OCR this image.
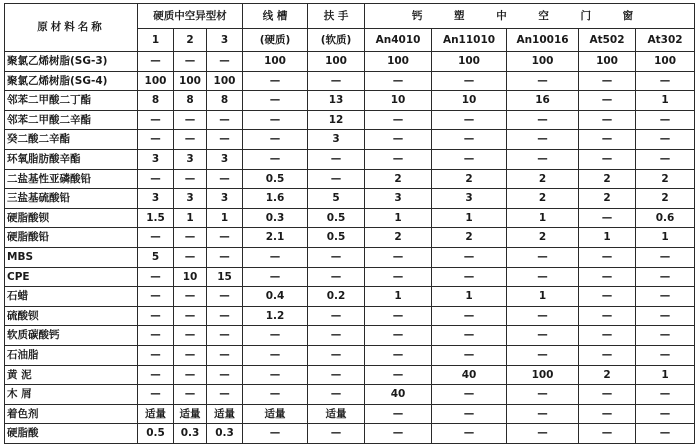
原材料名称	硬质中空异型材			线 槽	扶 手	钙 塑 中 空 门 窗				
	1	2	3	(硬质)	(软质)	An4010	An11010	An10016	At502	At302
聚氯乙烯树脂(SG-3)	—	—	—	100	100	100	100	100	100	100
聚氯乙烯树脂(SG-4)	100	100	100	—	—	—	—	—	—	—
邻苯二甲酸二丁酯	8	8	8	—	13	10	10	16	—	1
邻苯二甲酸二辛酯	—	—	—	—	12	—	—	—	—	—
癸二酸二辛酯	—	—	—	—	3	—	—	—	—	—
环氧脂肪酸辛酯	3	3	3	—	—	—	—	—	—	—
二盐基性亚磷酸铅	—	—	—	0.5	—	2	2	2	2	2
三盐基硫酸铅	3	3	3	1.6	5	3	3	2	2	2
硬脂酸钡	1.5	1	1	0.3	0.5	1	1	1	—	0.6
硬脂酸铅	—	—	—	2.1	0.5	2	2	2	1	1
MBS	5	—	—	—	—	—	—	—	—	—
CPE	—	10	15	—	—	—	—	—	—	—
石蜡	—	—	—	0.4	0.2	1	1	1	—	—
硫酸钡	—	—	—	1.2	—	—	—	—	—	—
软质碳酸钙	—	—	—	—	—	—	—	—	—	—
石油脂	—	—	—	—	—	—	—	—	—	—
黄 泥	—	—	—	—	—	—	40	100	2	1
木 屑	—	—	—	—	—	40	—	—	—	—
着色剂	适量	适量	适量	适量	适量	—	—	—	—	—
硬脂酸	0.5	0.3	0.3	—	—	—	—	—	—	—
